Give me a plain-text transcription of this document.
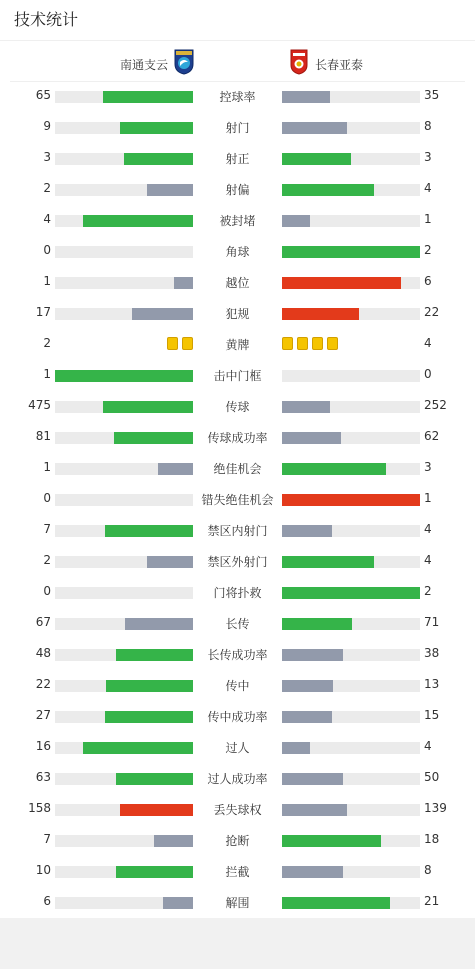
技术统计
南通支云	长春亚泰
65	控球率	35
9	射门	8
3	射正	3
2	射偏	4
4	被封堵	1
0	角球	2
1	越位	6
17	犯规	22
2	黄牌	4
1	击中门框	0
475	传球	252
81	传球成功率	62
1	绝佳机会	3
0	错失绝佳机会	1
7	禁区内射门	4
2	禁区外射门	4
0	门将扑救	2
67	长传	71
48	长传成功率	38
22	传中	13
27	传中成功率	15
16	过人	4
63	过人成功率	50
158	丢失球权	139
7	抢断	18
10	拦截	8
6	解围	21
